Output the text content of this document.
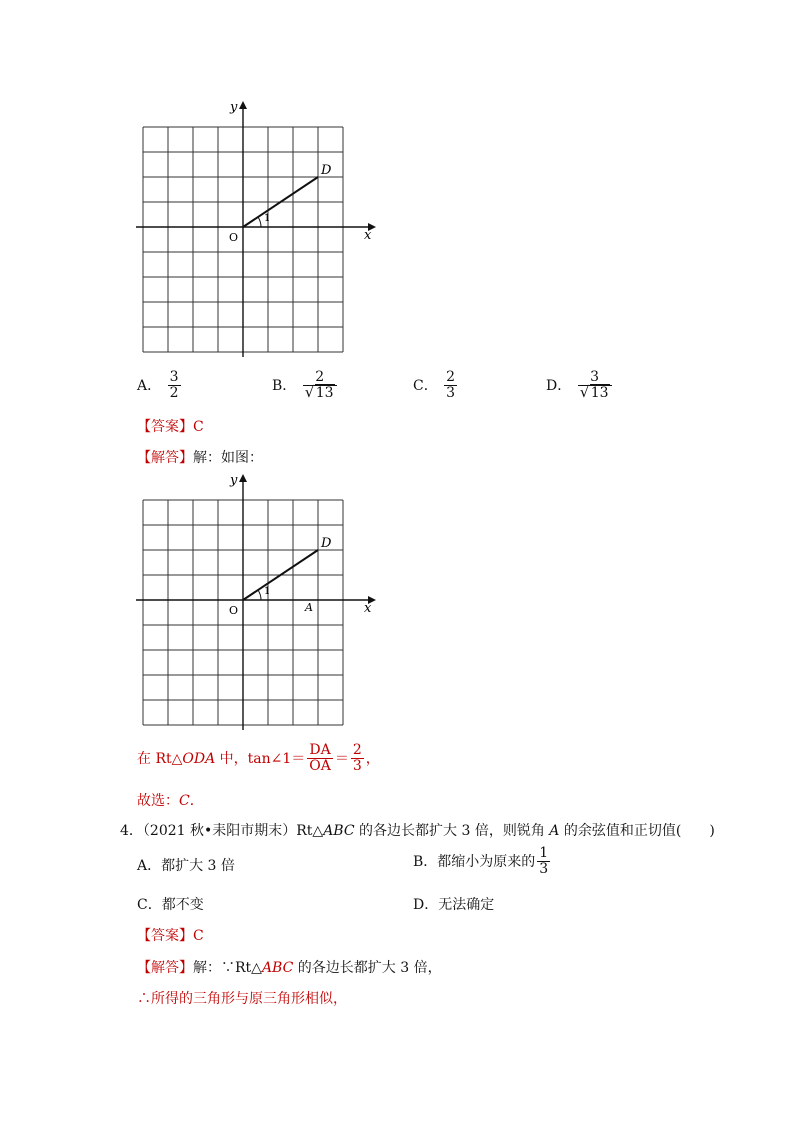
y
x
O
D
1
A． $\frac{3}{2}$	B． $\frac{2}{√ 13}$	C． $\frac{2}{3}$	D． $\frac{3}{√ 13}$
【答案】C
【解答】解：如图：
y
x
O
D
A
1
在 Rt△ODA 中，tan∠1＝ $\frac{DA}{OA} = \frac{2}{3}$ ，
故选：C．
4．（2021 秋•耒阳市期末）Rt△ABC 的各边长都扩大 3 倍，则锐角 A 的余弦值和正切值(　　)
A．都扩大 3 倍	B．都缩小为原来的 $\frac{1}{3}$
C．都不变	D．无法确定
【答案】C
【解答】解：∵Rt△ABC 的各边长都扩大 3 倍，
∴所得的三角形与原三角形相似，
